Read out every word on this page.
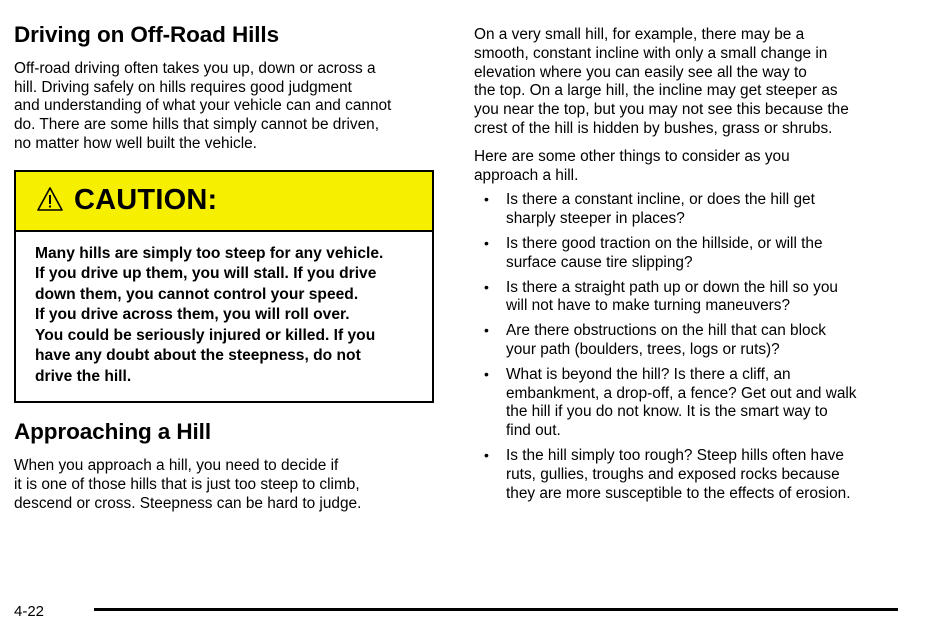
Driving on Off-Road Hills
Off-road driving often takes you up, down or across a
hill. Driving safely on hills requires good judgment
and understanding of what your vehicle can and cannot
do. There are some hills that simply cannot be driven,
no matter how well built the vehicle.
CAUTION:
Many hills are simply too steep for any vehicle.
If you drive up them, you will stall. If you drive
down them, you cannot control your speed.
If you drive across them, you will roll over.
You could be seriously injured or killed. If you
have any doubt about the steepness, do not
drive the hill.
Approaching a Hill
When you approach a hill, you need to decide if
it is one of those hills that is just too steep to climb,
descend or cross. Steepness can be hard to judge.
On a very small hill, for example, there may be a
smooth, constant incline with only a small change in
elevation where you can easily see all the way to
the top. On a large hill, the incline may get steeper as
you near the top, but you may not see this because the
crest of the hill is hidden by bushes, grass or shrubs.
Here are some other things to consider as you
approach a hill.
• Is there a constant incline, or does the hill get
sharply steeper in places?
• Is there good traction on the hillside, or will the
surface cause tire slipping?
• Is there a straight path up or down the hill so you
will not have to make turning maneuvers?
• Are there obstructions on the hill that can block
your path (boulders, trees, logs or ruts)?
• What is beyond the hill? Is there a cliff, an
embankment, a drop-off, a fence? Get out and walk
the hill if you do not know. It is the smart way to
find out.
• Is the hill simply too rough? Steep hills often have
ruts, gullies, troughs and exposed rocks because
they are more susceptible to the effects of erosion.
4-22
